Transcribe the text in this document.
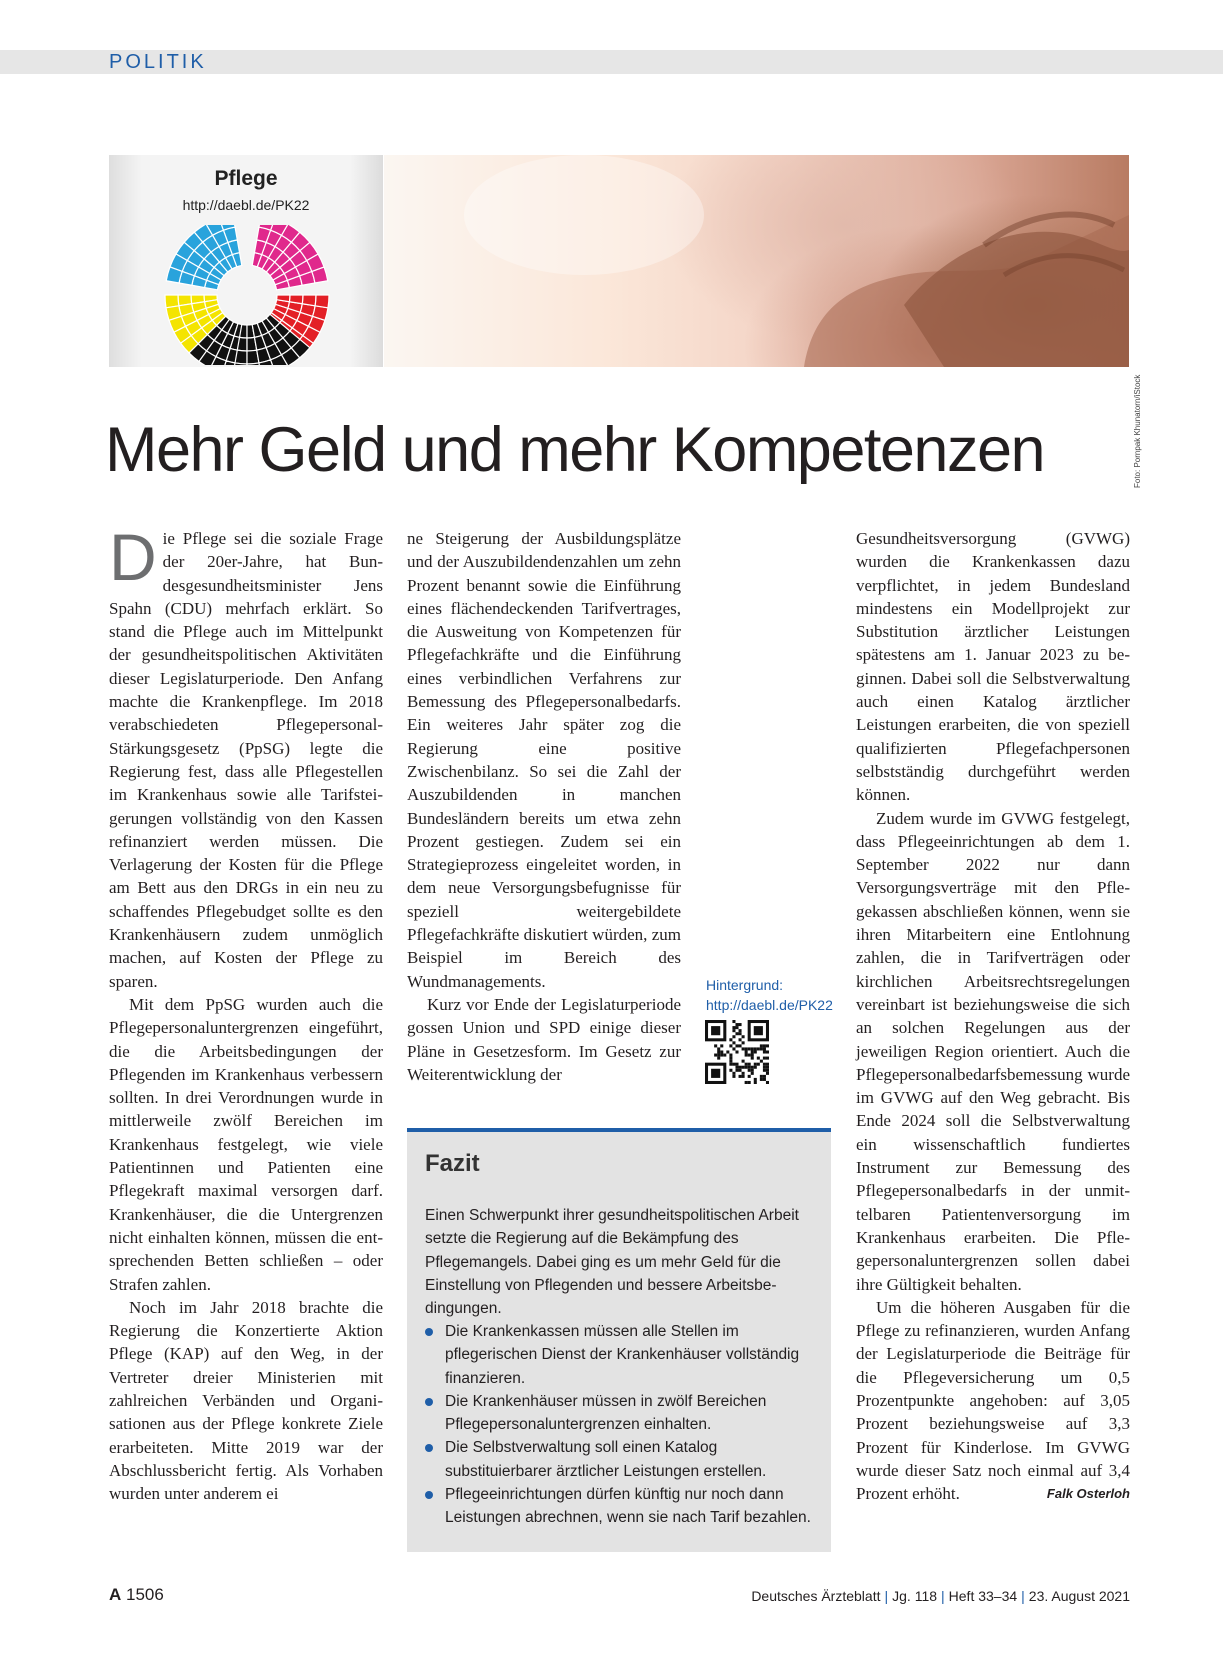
POLITIK
Pflege
http://daebl.de/PK22
Foto: Pornpak Khunatorn/iStock
Mehr Geld und mehr Kompetenzen

Die Pflege sei die soziale Frage der 20er-Jahre, hat Bundesgesundheitsminister Jens Spahn (CDU) mehrfach erklärt. So stand die Pflege auch im Mittelpunkt der gesundheitspolitischen Aktivitäten dieser Legislaturperiode. Den Anfang machte die Krankenpflege. Im 2018 verabschiedeten Pflegepersonal-Stärkungsgesetz (PpSG) legte die Regierung fest, dass alle Pflegestellen im Krankenhaus sowie alle Tarifsteigerungen vollständig von den Kassen refinanziert werden müssen. Die Verlagerung der Kosten für die Pflege am Bett aus den DRGs in ein neu zu schaffendes Pflegebudget sollte es den Krankenhäusern zudem unmöglich machen, auf Kosten der Pflege zu sparen.

Mit dem PpSG wurden auch die Pflegepersonaluntergrenzen eingeführt, die die Arbeitsbedingungen der Pflegenden im Krankenhaus verbessern sollten. In drei Verordnungen wurde in mittlerweile zwölf Bereichen im Krankenhaus festgelegt, wie viele Patientinnen und Patienten eine Pflegekraft maximal versorgen darf. Krankenhäuser, die die Untergrenzen nicht einhalten können, müssen die entsprechenden Betten schließen – oder Strafen zahlen.

Noch im Jahr 2018 brachte die Regierung die Konzertierte Aktion Pflege (KAP) auf den Weg, in der Vertreter dreier Ministerien mit zahlreichen Verbänden und Organisationen aus der Pflege konkrete Ziele erarbeiteten. Mitte 2019 war der Abschlussbericht fertig. Als Vorhaben wurden unter anderem ei

ne Steigerung der Ausbildungsplätze und der Auszubildendenzahlen um zehn Prozent benannt sowie die Einführung eines flächendeckenden Tarifvertrages, die Ausweitung von Kompetenzen für Pflegefachkräfte und die Einführung eines verbindlichen Verfahrens zur Bemessung des Pflegepersonalbedarfs. Ein weiteres Jahr später zog die Regierung eine positive Zwischenbilanz. So sei die Zahl der Auszubildenden in manchen Bundesländern bereits um etwa zehn Prozent gestiegen. Zudem sei ein Strategieprozess eingeleitet worden, in dem neue Versorgungsbefugnisse für speziell weitergebildete Pflegefachkräfte diskutiert würden, zum Beispiel im Bereich des Wundmanagements.

Kurz vor Ende der Legislaturperiode gossen Union und SPD einige dieser Pläne in Gesetzesform. Im Gesetz zur Weiterentwicklung der

Gesundheitsversorgung (GVWG) wurden die Krankenkassen dazu verpflichtet, in jedem Bundesland mindestens ein Modellprojekt zur Substitution ärztlicher Leistungen spätestens am 1. Januar 2023 zu beginnen. Dabei soll die Selbstverwaltung auch einen Katalog ärztlicher Leistungen erarbeiten, die von speziell qualifizierten Pflegefachpersonen selbstständig durchgeführt werden können.

Zudem wurde im GVWG festgelegt, dass Pflegeeinrichtungen ab dem 1. September 2022 nur dann Versorgungsverträge mit den Pflegekassen abschließen können, wenn sie ihren Mitarbeitern eine Entlohnung zahlen, die in Tarifverträgen oder kirchlichen Arbeitsrechtsregelungen vereinbart ist beziehungsweise die sich an solchen Regelungen aus der jeweiligen Region orientiert. Auch die Pflegepersonalbedarfsbemessung wurde im GVWG auf den Weg gebracht. Bis Ende 2024 soll die Selbstverwaltung ein wissenschaftlich fundiertes Instrument zur Bemessung des Pflegepersonalbedarfs in der unmittelbaren Patientenversorgung im Krankenhaus erarbeiten. Die Pflegepersonaluntergrenzen sollen dabei ihre Gültigkeit behalten.

Um die höheren Ausgaben für die Pflege zu refinanzieren, wurden Anfang der Legislaturperiode die Beiträge für die Pflegeversicherung um 0,5 Prozentpunkte angehoben: auf 3,05 Prozent beziehungsweise auf 3,3 Prozent für Kinderlose. Im GVWG wurde dieser Satz noch einmal auf 3,4 Prozent erhöht.	Falk Osterloh

Hintergrund:
http://daebl.de/PK22
Fazit
Einen Schwerpunkt ihrer gesundheitspolitischen Arbeit setzte die Regierung auf die Bekämpfung des Pflegemangels. Dabei ging es um mehr Geld für die Einstellung von Pflegenden und bessere Arbeitsbedingungen.
Die Krankenkassen müssen alle Stellen im pflegerischen Dienst der Krankenhäuser vollständig finanzieren.
Die Krankenhäuser müssen in zwölf Bereichen Pflegepersonaluntergrenzen einhalten.
Die Selbstverwaltung soll einen Katalog substituierbarer ärztlicher Leistungen erstellen.
Pflegeeinrichtungen dürfen künftig nur noch dann Leistungen abrechnen, wenn sie nach Tarif bezahlen.
A 1506	Deutsches Ärzteblatt | Jg. 118 | Heft 33–34 | 23. August 2021
